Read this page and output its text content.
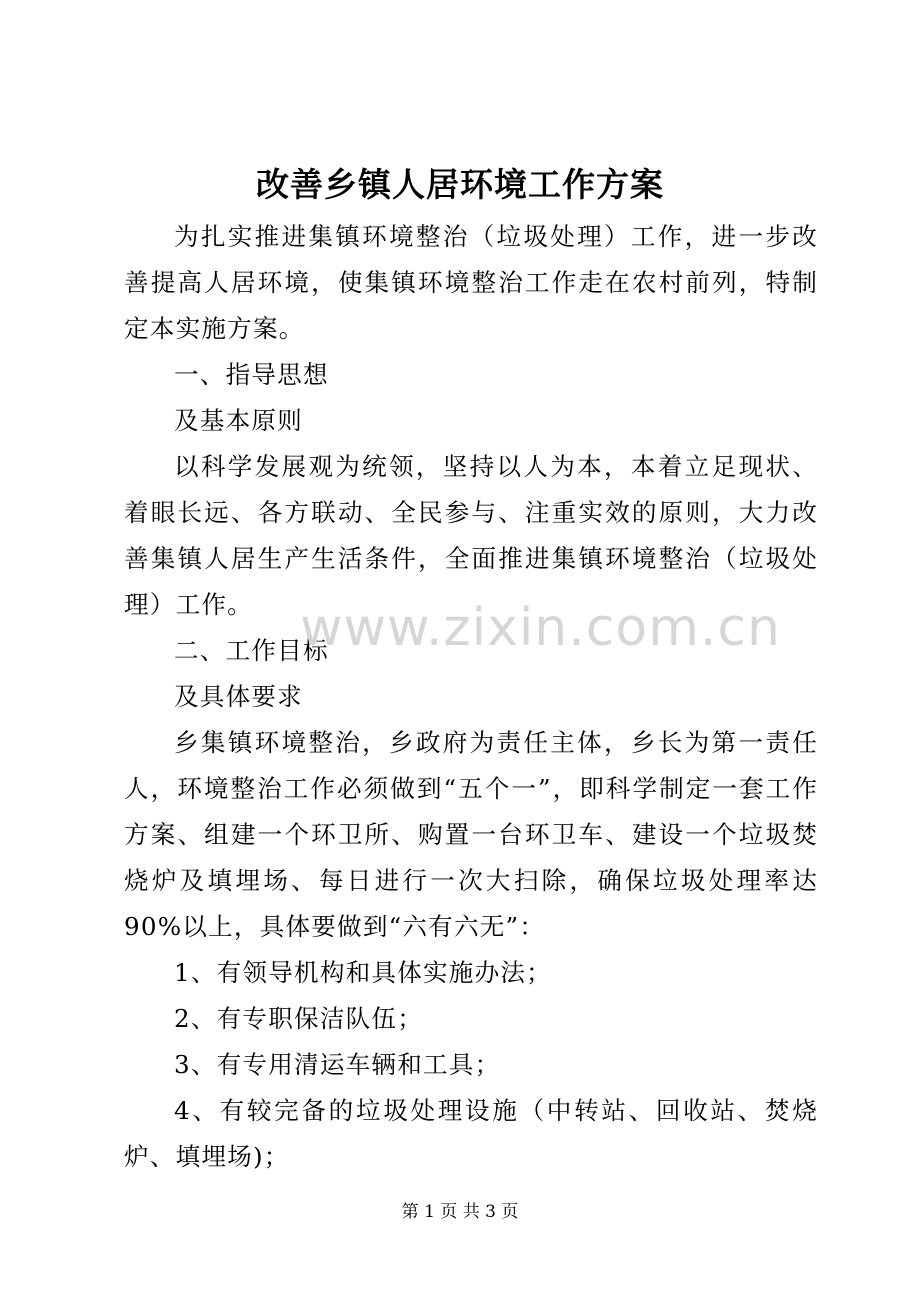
改善乡镇人居环境工作方案

为扎实推进集镇环境整治（垃圾处理）工作，进一步改善提高人居环境，使集镇环境整治工作走在农村前列，特制定本实施方案。

一、指导思想

及基本原则

以科学发展观为统领，坚持以人为本，本着立足现状、着眼长远、各方联动、全民参与、注重实效的原则，大力改善集镇人居生产生活条件，全面推进集镇环境整治（垃圾处理）工作。

二、工作目标

及具体要求

乡集镇环境整治，乡政府为责任主体，乡长为第一责任人，环境整治工作必须做到“五个一”，即科学制定一套工作方案、组建一个环卫所、购置一台环卫车、建设一个垃圾焚烧炉及填埋场、每日进行一次大扫除，确保垃圾处理率达 90%以上，具体要做到“六有六无”：

1、有领导机构和具体实施办法；

2、有专职保洁队伍；

3、有专用清运车辆和工具；

4、有较完备的垃圾处理设施（中转站、回收站、焚烧炉、填埋场)；

www.zixin.com.cn
第 1 页 共 3 页
